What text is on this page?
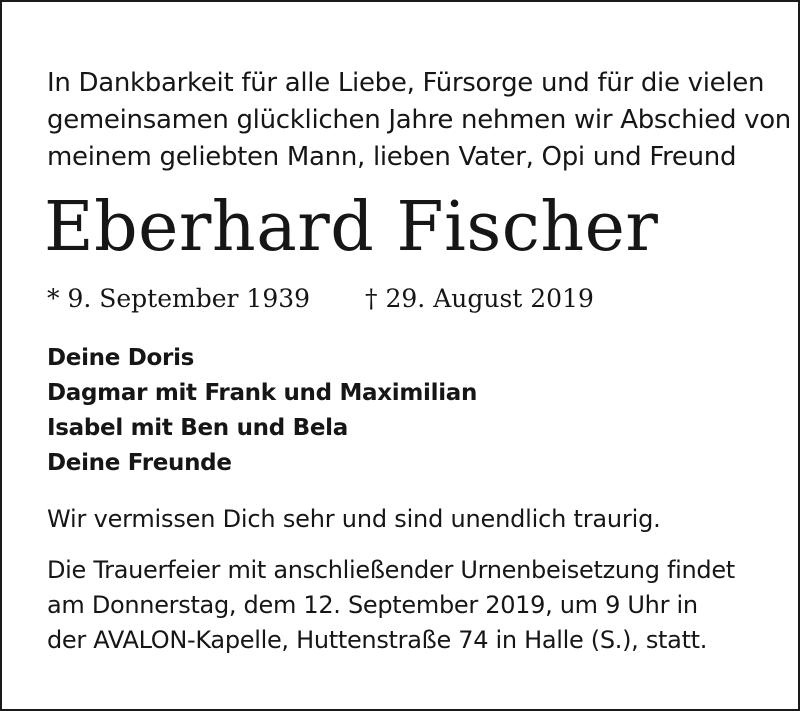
In Dankbarkeit für alle Liebe, Fürsorge und für die vielen
gemeinsamen glücklichen Jahre nehmen wir Abschied von
meinem geliebten Mann, lieben Vater, Opi und Freund
Eberhard Fischer
* 9. September 1939 † 29. August 2019
Deine Doris
Dagmar mit Frank und Maximilian
Isabel mit Ben und Bela
Deine Freunde
Wir vermissen Dich sehr und sind unendlich traurig.
Die Trauerfeier mit anschließender Urnenbeisetzung findet
am Donnerstag, dem 12. September 2019, um 9 Uhr in
der AVALON-Kapelle, Huttenstraße 74 in Halle (S.), statt.
